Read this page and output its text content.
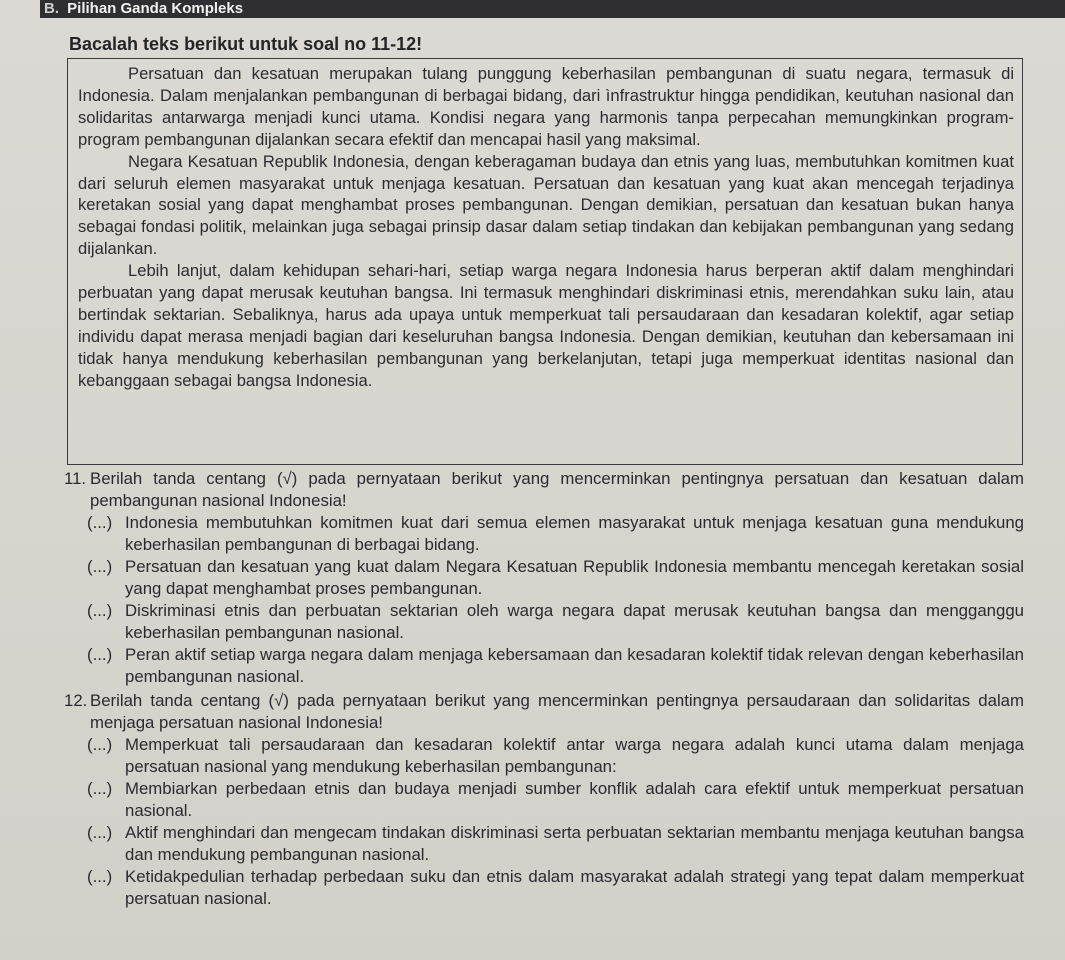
B. Pilihan Ganda Kompleks
Bacalah teks berikut untuk soal no 11-12!

Persatuan dan kesatuan merupakan tulang punggung keberhasilan pembangunan di suatu negara, termasuk di Indonesia. Dalam menjalankan pembangunan di berbagai bidang, dari ìnfrastruktur hingga pendidikan, keutuhan nasional dan solidaritas antarwarga menjadi kunci utama. Kondisi negara yang harmonis tanpa perpecahan memungkinkan program-program pembangunan dijalankan secara efektif dan mencapai hasil yang maksimal.

Negara Kesatuan Republik Indonesia, dengan keberagaman budaya dan etnis yang luas, membutuhkan komitmen kuat dari seluruh elemen masyarakat untuk menjaga kesatuan. Persatuan dan kesatuan yang kuat akan mencegah terjadinya keretakan sosial yang dapat menghambat proses pembangunan. Dengan demikian, persatuan dan kesatuan bukan hanya sebagai fondasi politik, melainkan juga sebagai prinsip dasar dalam setiap tindakan dan kebijakan pembangunan yang sedang dijalankan.

Lebih lanjut, dalam kehidupan sehari-hari, setiap warga negara Indonesia harus berperan aktif dalam menghindari perbuatan yang dapat merusak keutuhan bangsa. Ini termasuk menghindari diskriminasi etnis, merendahkan suku lain, atau bertindak sektarian. Sebaliknya, harus ada upaya untuk memperkuat tali persaudaraan dan kesadaran kolektif, agar setiap individu dapat merasa menjadi bagian dari keseluruhan bangsa Indonesia. Dengan demikian, keutuhan dan kebersamaan ini tidak hanya mendukung keberhasilan pembangunan yang berkelanjutan, tetapi juga memperkuat identitas nasional dan kebanggaan sebagai bangsa Indonesia.

11. Berilah tanda centang (√) pada pernyataan berikut yang mencerminkan pentingnya persatuan dan kesatuan dalam pembangunan nasional Indonesia!
(...) Indonesia membutuhkan komitmen kuat dari semua elemen masyarakat untuk menjaga kesatuan guna mendukung keberhasilan pembangunan di berbagai bidang.
(...) Persatuan dan kesatuan yang kuat dalam Negara Kesatuan Republik Indonesia membantu mencegah keretakan sosial yang dapat menghambat proses pembangunan.
(...) Diskriminasi etnis dan perbuatan sektarian oleh warga negara dapat merusak keutuhan bangsa dan mengganggu keberhasilan pembangunan nasional.
(...) Peran aktif setiap warga negara dalam menjaga kebersamaan dan kesadaran kolektif tidak relevan dengan keberhasilan pembangunan nasional.
12. Berilah tanda centang (√) pada pernyataan berikut yang mencerminkan pentingnya persaudaraan dan solidaritas dalam menjaga persatuan nasional Indonesia!
(...) Memperkuat tali persaudaraan dan kesadaran kolektif antar warga negara adalah kunci utama dalam menjaga persatuan nasional yang mendukung keberhasilan pembangunan:
(...) Membiarkan perbedaan etnis dan budaya menjadi sumber konflik adalah cara efektif untuk memperkuat persatuan nasional.
(...) Aktif menghindari dan mengecam tindakan diskriminasi serta perbuatan sektarian membantu menjaga keutuhan bangsa dan mendukung pembangunan nasional.
(...) Ketidakpedulian terhadap perbedaan suku dan etnis dalam masyarakat adalah strategi yang tepat dalam memperkuat persatuan nasional.
